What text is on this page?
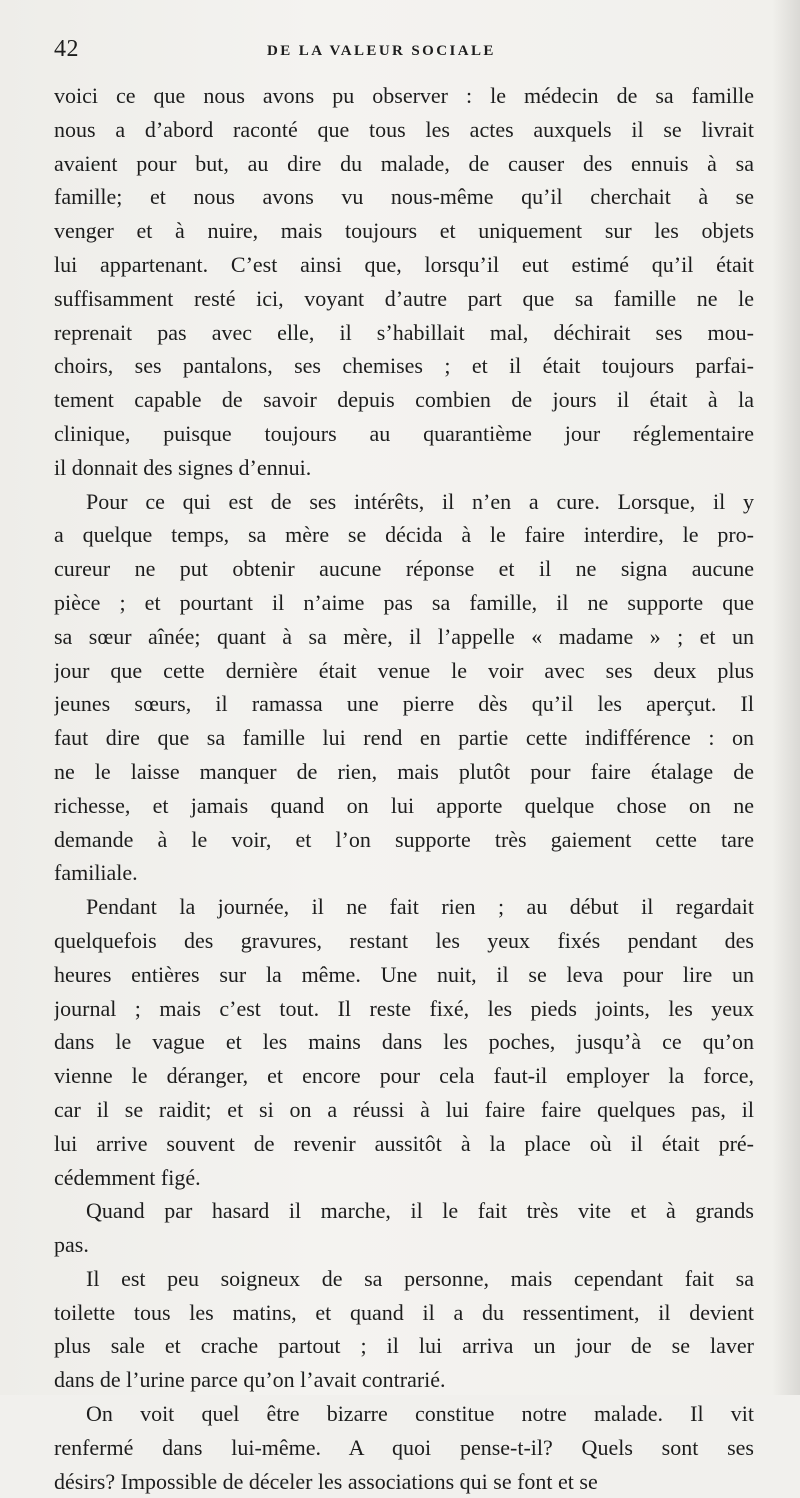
42	DE LA VALEUR SOCIALE
voici ce que nous avons pu observer : le médecin de sa famille
nous a d’abord raconté que tous les actes auxquels il se livrait
avaient pour but, au dire du malade, de causer des ennuis à sa
famille; et nous avons vu nous-même qu’il cherchait à se
venger et à nuire, mais toujours et uniquement sur les objets
lui appartenant. C’est ainsi que, lorsqu’il eut estimé qu’il était
suffisamment resté ici, voyant d’autre part que sa famille ne le
reprenait pas avec elle, il s’habillait mal, déchirait ses mou-
choirs, ses pantalons, ses chemises ; et il était toujours parfai-
tement capable de savoir depuis combien de jours il était à la
clinique, puisque toujours au quarantième jour réglementaire
il donnait des signes d’ennui.
Pour ce qui est de ses intérêts, il n’en a cure. Lorsque, il y
a quelque temps, sa mère se décida à le faire interdire, le pro-
cureur ne put obtenir aucune réponse et il ne signa aucune
pièce ; et pourtant il n’aime pas sa famille, il ne supporte que
sa sœur aînée; quant à sa mère, il l’appelle « madame » ; et un
jour que cette dernière était venue le voir avec ses deux plus
jeunes sœurs, il ramassa une pierre dès qu’il les aperçut. Il
faut dire que sa famille lui rend en partie cette indifférence : on
ne le laisse manquer de rien, mais plutôt pour faire étalage de
richesse, et jamais quand on lui apporte quelque chose on ne
demande à le voir, et l’on supporte très gaiement cette tare
familiale.
Pendant la journée, il ne fait rien ; au début il regardait
quelquefois des gravures, restant les yeux fixés pendant des
heures entières sur la même. Une nuit, il se leva pour lire un
journal ; mais c’est tout. Il reste fixé, les pieds joints, les yeux
dans le vague et les mains dans les poches, jusqu’à ce qu’on
vienne le déranger, et encore pour cela faut-il employer la force,
car il se raidit; et si on a réussi à lui faire faire quelques pas, il
lui arrive souvent de revenir aussitôt à la place où il était pré-
cédemment figé.
Quand par hasard il marche, il le fait très vite et à grands
pas.
Il est peu soigneux de sa personne, mais cependant fait sa
toilette tous les matins, et quand il a du ressentiment, il devient
plus sale et crache partout ; il lui arriva un jour de se laver
dans de l’urine parce qu’on l’avait contrarié.
On voit quel être bizarre constitue notre malade. Il vit
renfermé dans lui-même. A quoi pense-t-il? Quels sont ses
désirs? Impossible de déceler les associations qui se font et se
